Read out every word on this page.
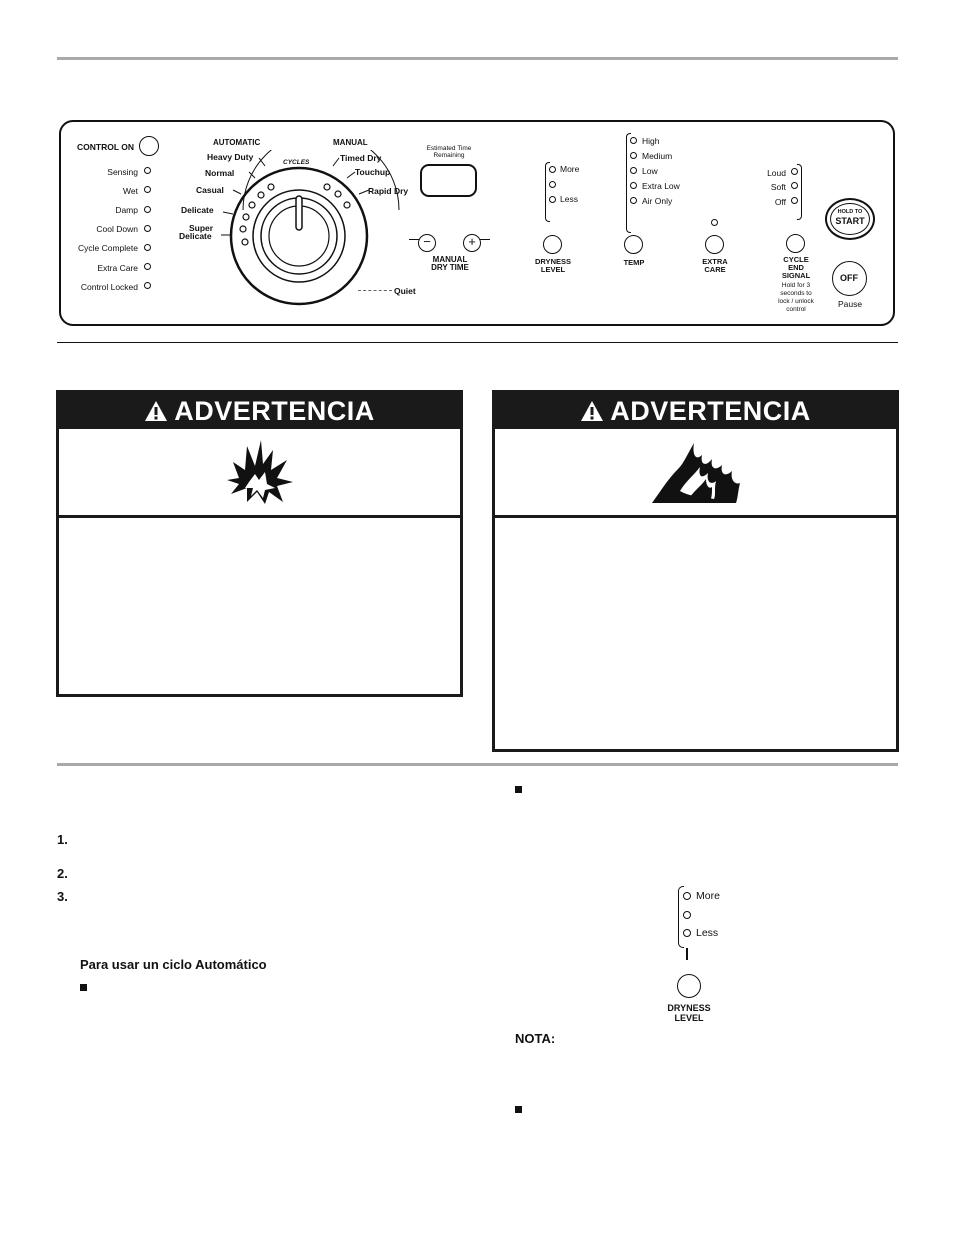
CONTROL ON
Sensing
Wet
Damp
Cool Down
Cycle Complete
Extra Care
Control Locked
AUTOMATIC	MANUAL
CYCLES
Heavy Duty
Normal
Casual
Delicate
Super
Delicate
Timed Dry
Touchup
Rapid Dry
Quiet
Estimated Time
Remaining
−	+
MANUAL
DRY TIME
More
Less
DRYNESS
LEVEL
High
Medium
Low
Extra Low
Air Only
TEMP	EXTRA
CARE
Loud
Soft
Off
CYCLE
END
SIGNAL
Hold for 3
seconds to
lock / unlock
control
HOLD TO
START
OFF
Pause
ADVERTENCIA	ADVERTENCIA
1.
2.
3.
Para usar un ciclo Automático
NOTA:
More
Less
DRYNESS
LEVEL
